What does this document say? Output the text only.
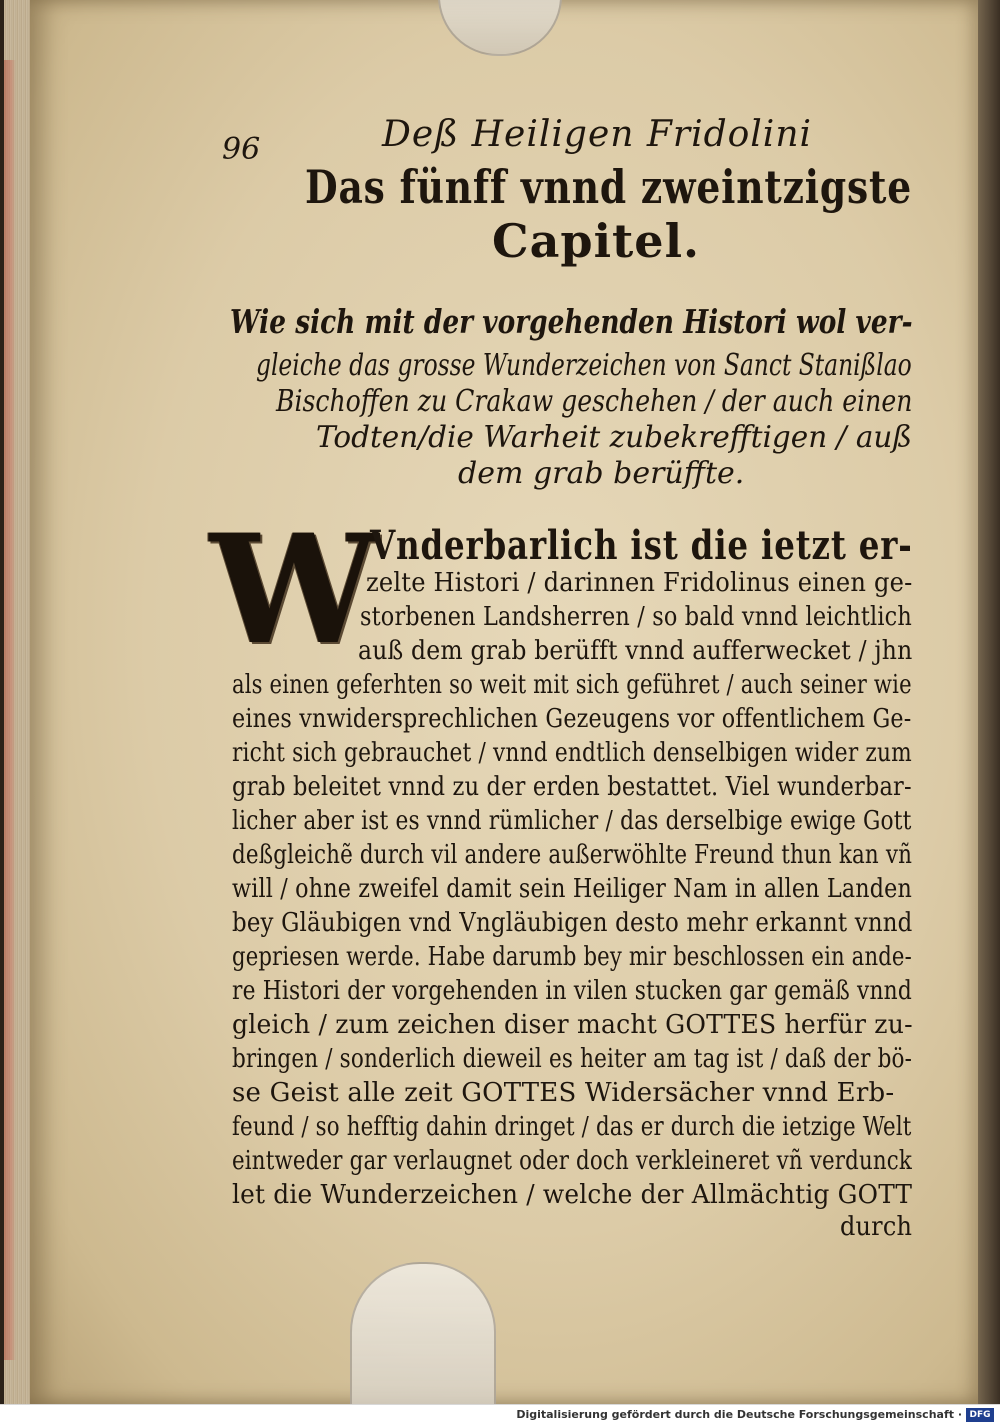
96	Deß Heiligen Fridolini
Das fünff vnnd zweintzigste
Capitel.
Wie sich mit der vorgehenden Histori wol ver-
gleiche das grosse Wunderzeichen von Sanct Stanißlao
Bischoffen zu Crakaw geschehen / der auch einen
Todten/die Warheit zubekrefftigen / auß
dem grab berüffte.
W
Vnderbarlich ist die ietzt er-
zelte Histori / darinnen Fridolinus einen ge-
storbenen Landsherren / so bald vnnd leichtlich
auß dem grab berüfft vnnd aufferwecket / jhn
als einen geferhten so weit mit sich geführet / auch seiner wie
eines vnwidersprechlichen Gezeugens vor offentlichem Ge-
richt sich gebrauchet / vnnd endtlich denselbigen wider zum
grab beleitet vnnd zu der erden bestattet. Viel wunderbar-
licher aber ist es vnnd rümlicher / das derselbige ewige Gott
deßgleichẽ durch vil andere außerwöhlte Freund thun kan vñ
will / ohne zweifel damit sein Heiliger Nam in allen Landen
bey Gläubigen vnd Vngläubigen desto mehr erkannt vnnd
gepriesen werde. Habe darumb bey mir beschlossen ein ande-
re Histori der vorgehenden in vilen stucken gar gemäß vnnd
gleich / zum zeichen diser macht GOTTES herfür zu-
bringen / sonderlich dieweil es heiter am tag ist / daß der bö-
se Geist alle zeit GOTTES Widersächer vnnd Erb-
feund / so hefftig dahin dringet / das er durch die ietzige Welt
eintweder gar verlaugnet oder doch verkleineret vñ verdunck
let die Wunderzeichen / welche der Allmächtig GOTT
durch
Digitalisierung gefördert durch die Deutsche Forschungsgemeinschaft · DFG
